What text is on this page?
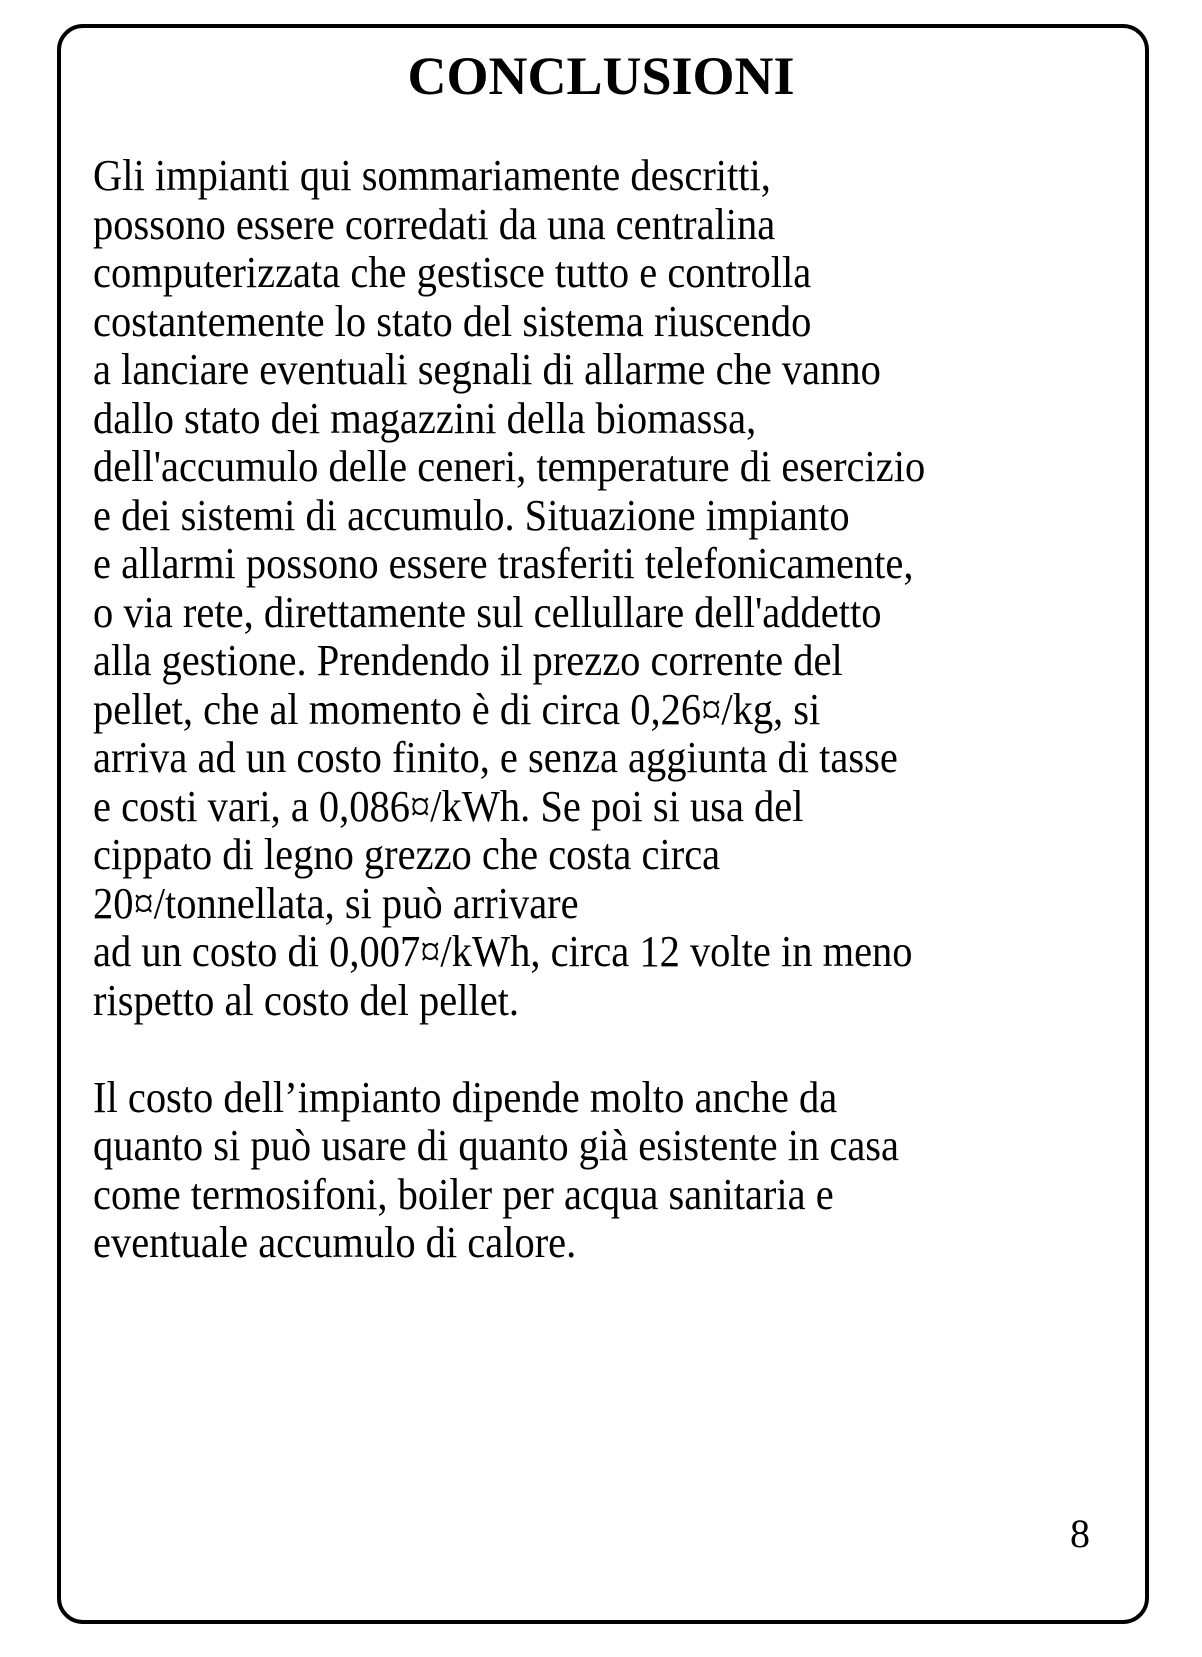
CONCLUSIONI
Gli impianti qui sommariamente descritti,
possono essere corredati da una centralina
computerizzata che gestisce tutto e controlla
costantemente lo stato del sistema riuscendo
a lanciare eventuali segnali di allarme che vanno
dallo stato dei magazzini della biomassa,
dell'accumulo delle ceneri, temperature di esercizio
e dei sistemi di accumulo. Situazione impianto
e allarmi possono essere trasferiti telefonicamente,
o via rete, direttamente sul cellullare dell'addetto
alla gestione. Prendendo il prezzo corrente del
pellet, che al momento è di circa 0,26¤/kg, si
arriva ad un costo finito, e senza aggiunta di tasse
e costi vari, a 0,086¤/kWh. Se poi si usa del
cippato di legno grezzo che costa circa
20¤/tonnellata, si può arrivare
ad un costo di 0,007¤/kWh, circa 12 volte in meno
rispetto al costo del pellet.
Il costo dell’impianto dipende molto anche da
quanto si può usare di quanto già esistente in casa
come termosifoni, boiler per acqua sanitaria e
eventuale accumulo di calore.
8
